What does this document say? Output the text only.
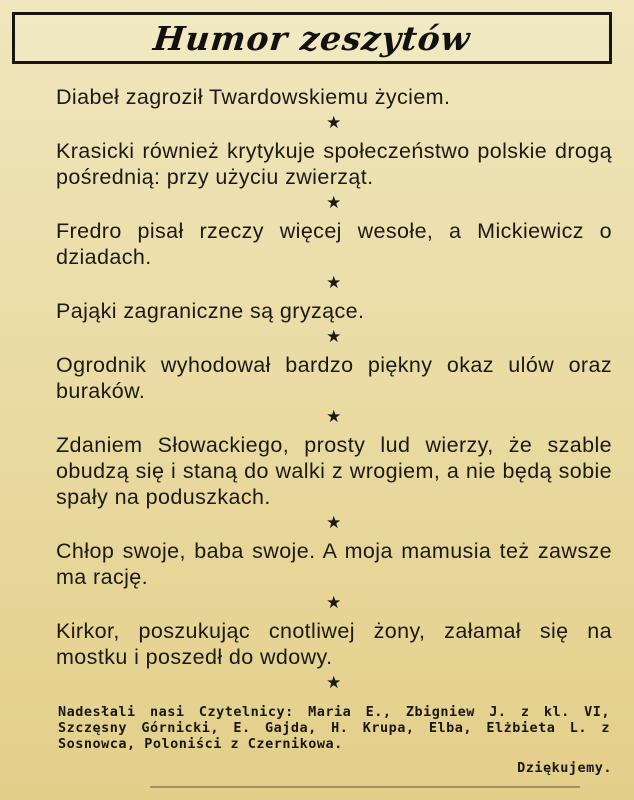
Humor zeszytów

Diabeł zagroził Twardowskiemu życiem.

★

Krasicki również krytykuje społeczeństwo polskie drogą pośrednią: przy użyciu zwierząt.

★

Fredro pisał rzeczy więcej wesołe, a Mickiewicz o dziadach.

★

Pająki zagraniczne są gryzące.

★

Ogrodnik wyhodował bardzo piękny okaz ulów oraz buraków.

★

Zdaniem Słowackiego, prosty lud wierzy, że szable obudzą się i staną do walki z wrogiem, a nie będą sobie spały na poduszkach.

★

Chłop swoje, baba swoje. A moja mamusia też zawsze ma rację.

★

Kirkor, poszukując cnotliwej żony, załamał się na mostku i poszedł do wdowy.

★
Nadesłali nasi Czytelnicy: Maria E., Zbigniew J. z kl. VI, Szczęsny Górnicki, E. Gajda, H. Krupa, Elba, Elżbieta L. z Sosnowca, Poloniści z Czernikowa.
Dziękujemy.
